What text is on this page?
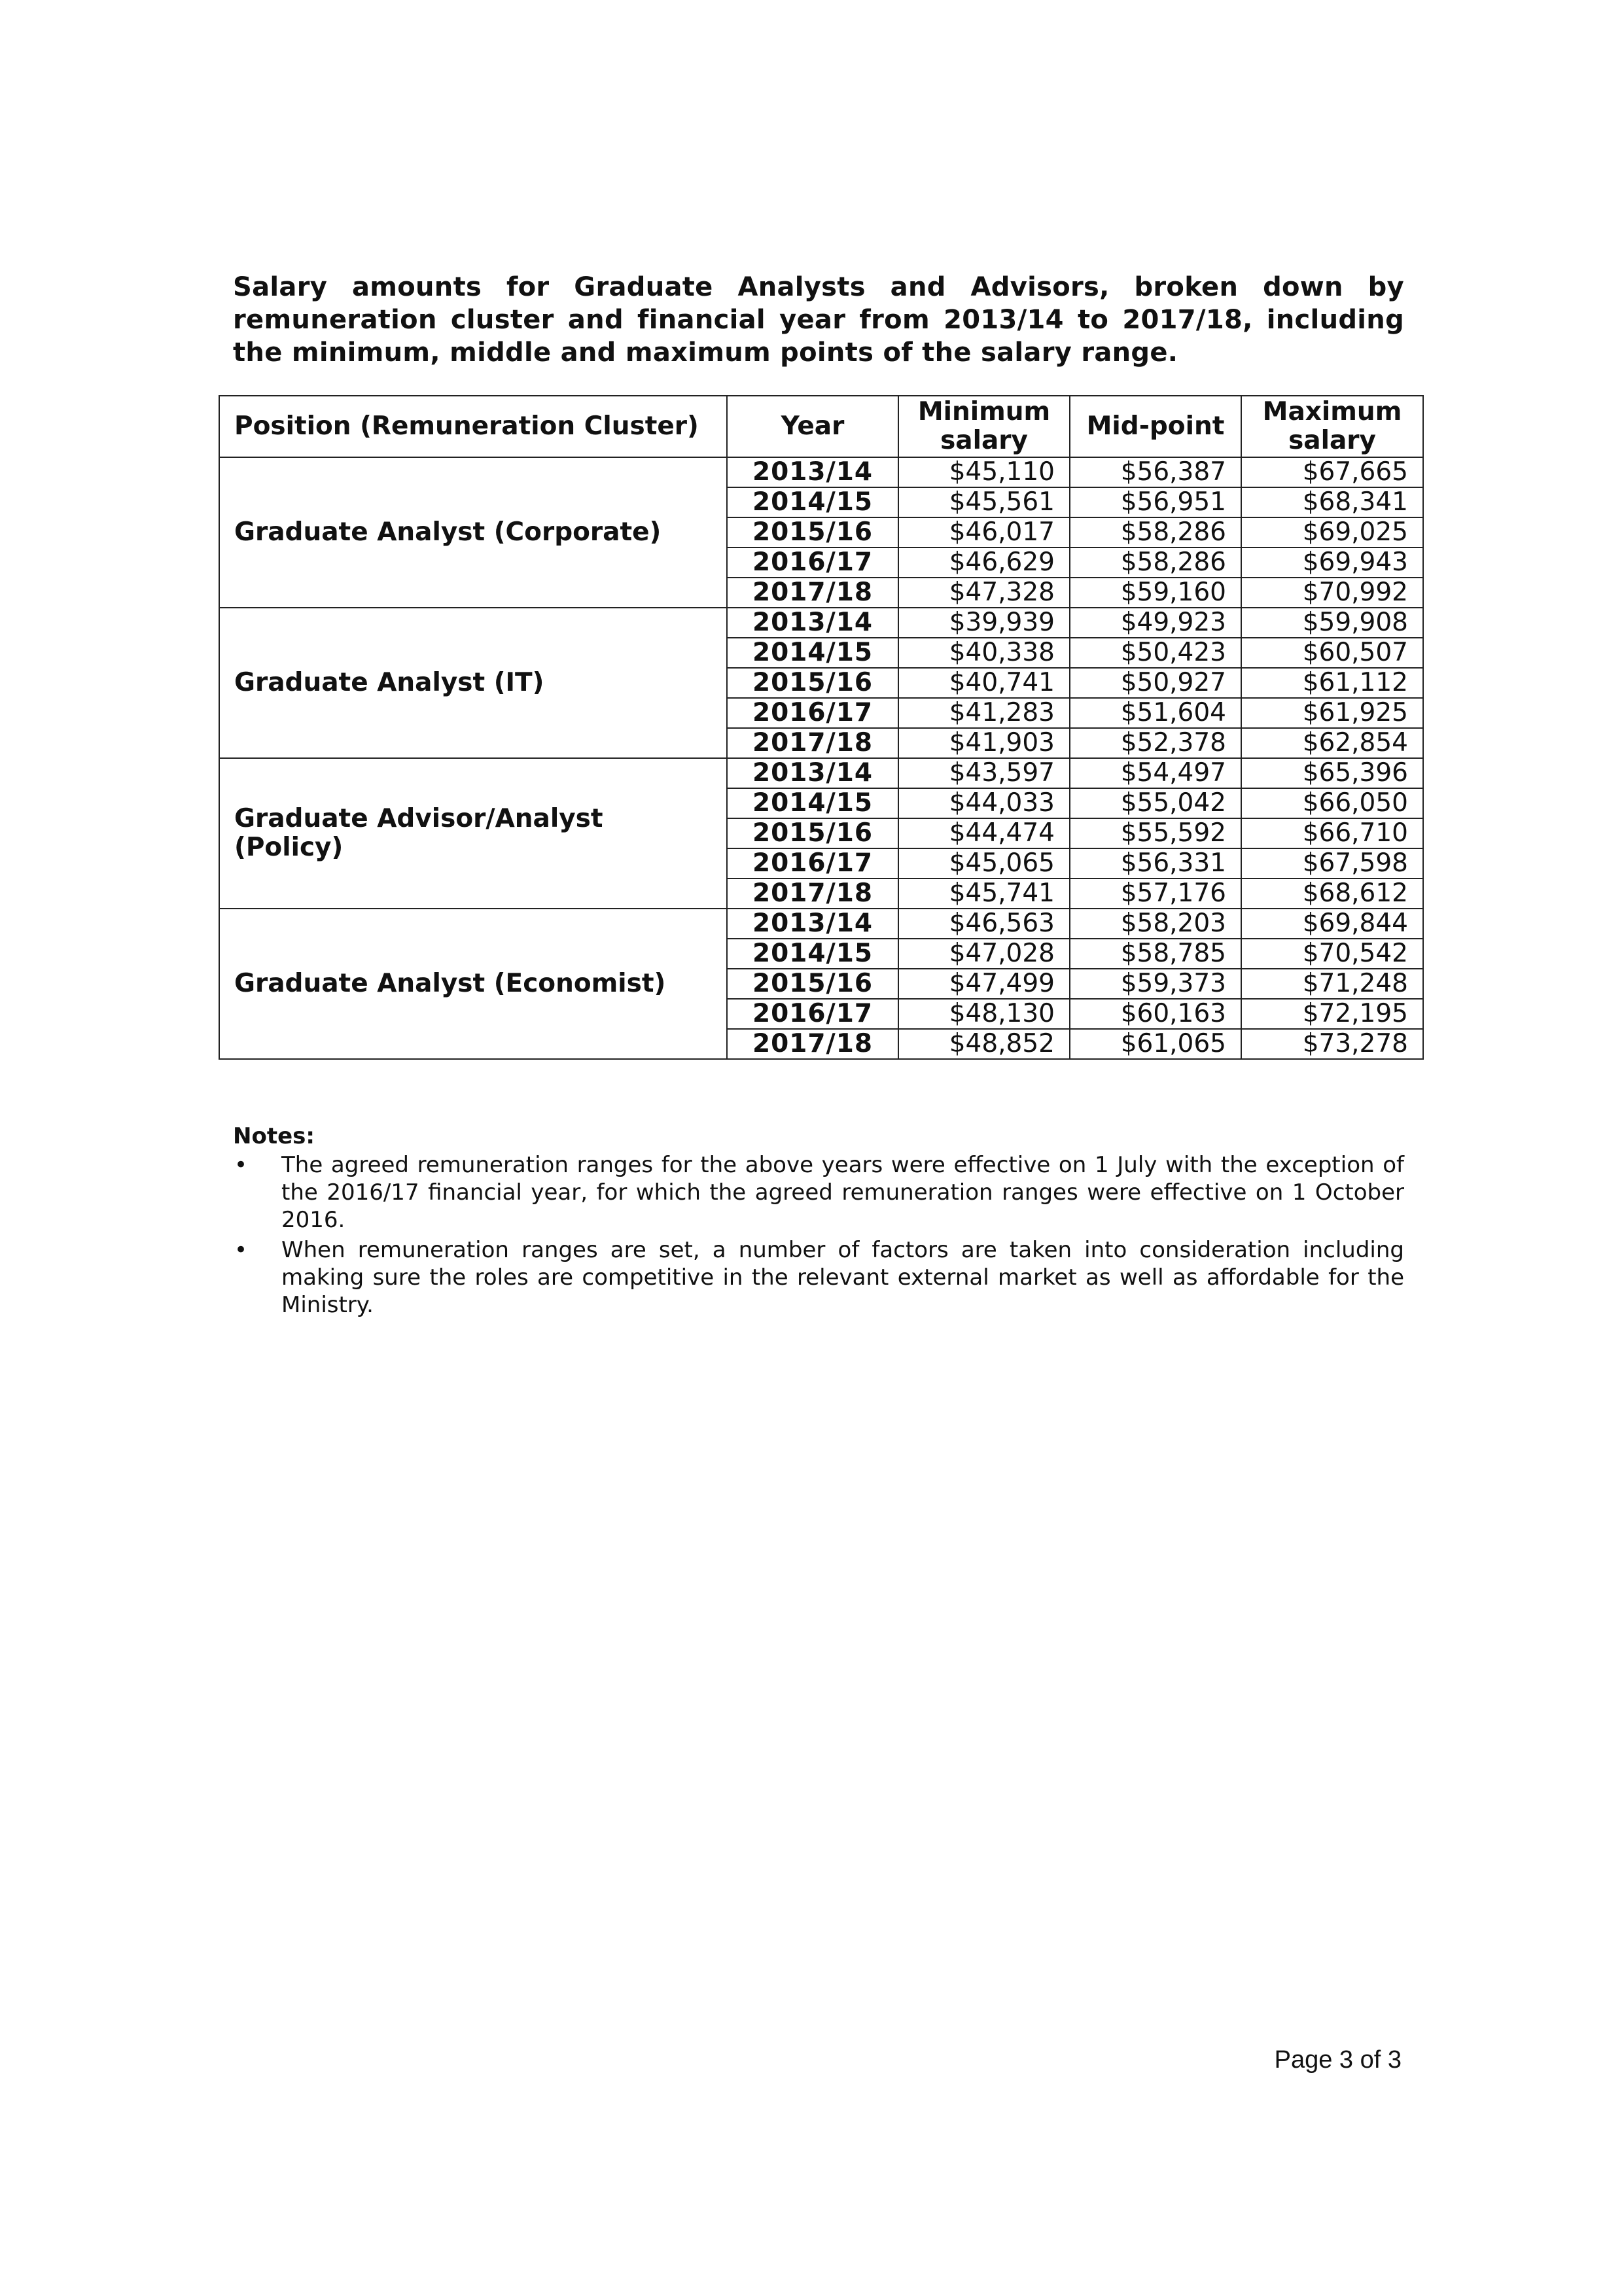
Salary amounts for Graduate Analysts and Advisors, broken down by remuneration cluster and financial year from 2013/14 to 2017/18, including the minimum, middle and maximum points of the salary range.
Position (Remuneration Cluster)	Year	Minimum salary	Mid-point	Maximum salary
Graduate Analyst (Corporate)	2013/14	$45,110	$56,387	$67,665
	2014/15	$45,561	$56,951	$68,341
	2015/16	$46,017	$58,286	$69,025
	2016/17	$46,629	$58,286	$69,943
	2017/18	$47,328	$59,160	$70,992
Graduate Analyst (IT)	2013/14	$39,939	$49,923	$59,908
	2014/15	$40,338	$50,423	$60,507
	2015/16	$40,741	$50,927	$61,112
	2016/17	$41,283	$51,604	$61,925
	2017/18	$41,903	$52,378	$62,854
Graduate Advisor/Analyst (Policy)	2013/14	$43,597	$54,497	$65,396
	2014/15	$44,033	$55,042	$66,050
	2015/16	$44,474	$55,592	$66,710
	2016/17	$45,065	$56,331	$67,598
	2017/18	$45,741	$57,176	$68,612
Graduate Analyst (Economist)	2013/14	$46,563	$58,203	$69,844
	2014/15	$47,028	$58,785	$70,542
	2015/16	$47,499	$59,373	$71,248
	2016/17	$48,130	$60,163	$72,195
	2017/18	$48,852	$61,065	$73,278
Notes:
• The agreed remuneration ranges for the above years were effective on 1 July with the exception of the 2016/17 financial year, for which the agreed remuneration ranges were effective on 1 October 2016.
• When remuneration ranges are set, a number of factors are taken into consideration including making sure the roles are competitive in the relevant external market as well as affordable for the Ministry.
Page 3 of 3
